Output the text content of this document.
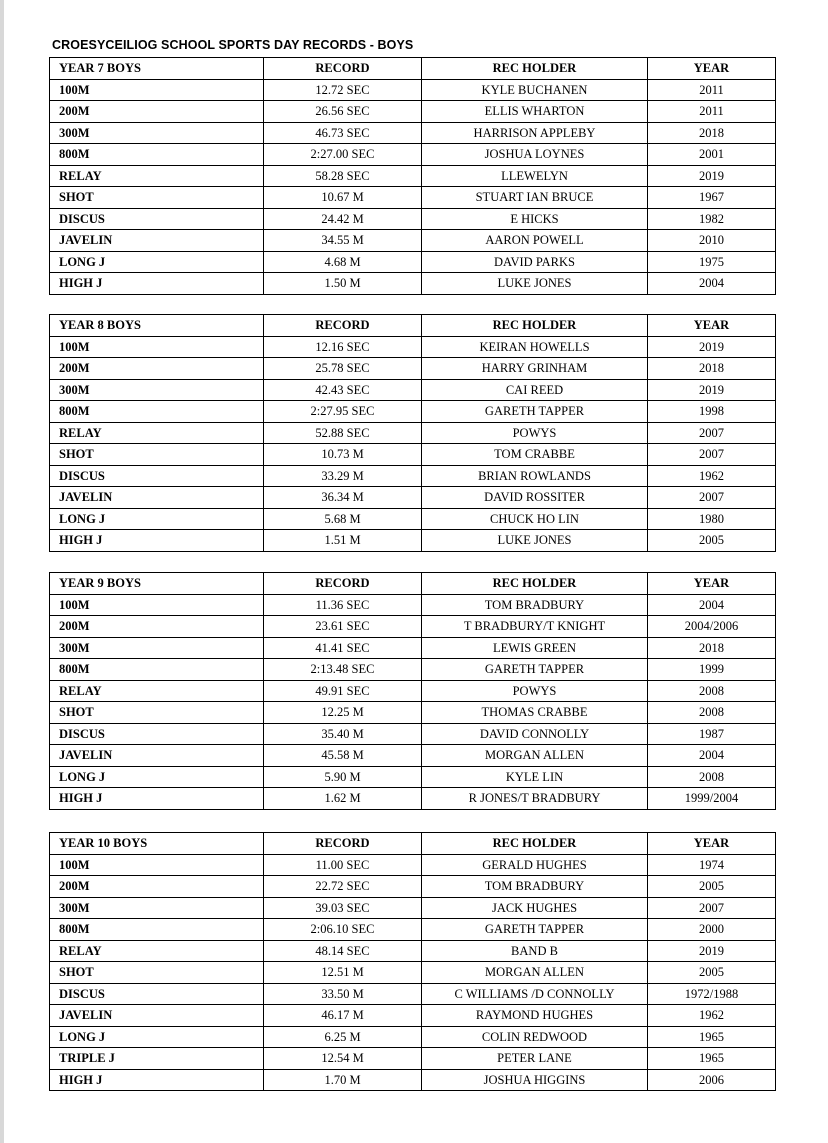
CROESYCEILIOG SCHOOL SPORTS DAY RECORDS - BOYS
YEAR 7 BOYS	RECORD	REC HOLDER	YEAR
100M	12.72 SEC	KYLE BUCHANEN	2011
200M	26.56 SEC	ELLIS WHARTON	2011
300M	46.73 SEC	HARRISON APPLEBY	2018
800M	2:27.00 SEC	JOSHUA LOYNES	2001
RELAY	58.28 SEC	LLEWELYN	2019
SHOT	10.67 M	STUART IAN BRUCE	1967
DISCUS	24.42 M	E HICKS	1982
JAVELIN	34.55 M	AARON POWELL	2010
LONG J	4.68 M	DAVID PARKS	1975
HIGH J	1.50 M	LUKE JONES	2004
YEAR 8 BOYS	RECORD	REC HOLDER	YEAR
100M	12.16 SEC	KEIRAN HOWELLS	2019
200M	25.78 SEC	HARRY GRINHAM	2018
300M	42.43 SEC	CAI REED	2019
800M	2:27.95 SEC	GARETH TAPPER	1998
RELAY	52.88 SEC	POWYS	2007
SHOT	10.73 M	TOM CRABBE	2007
DISCUS	33.29 M	BRIAN ROWLANDS	1962
JAVELIN	36.34 M	DAVID ROSSITER	2007
LONG J	5.68 M	CHUCK HO LIN	1980
HIGH J	1.51 M	LUKE JONES	2005
YEAR 9 BOYS	RECORD	REC HOLDER	YEAR
100M	11.36 SEC	TOM BRADBURY	2004
200M	23.61 SEC	T BRADBURY/T KNIGHT	2004/2006
300M	41.41 SEC	LEWIS GREEN	2018
800M	2:13.48 SEC	GARETH TAPPER	1999
RELAY	49.91 SEC	POWYS	2008
SHOT	12.25 M	THOMAS CRABBE	2008
DISCUS	35.40 M	DAVID CONNOLLY	1987
JAVELIN	45.58 M	MORGAN ALLEN	2004
LONG J	5.90 M	KYLE LIN	2008
HIGH J	1.62 M	R JONES/T BRADBURY	1999/2004
YEAR 10 BOYS	RECORD	REC HOLDER	YEAR
100M	11.00 SEC	GERALD HUGHES	1974
200M	22.72 SEC	TOM BRADBURY	2005
300M	39.03 SEC	JACK HUGHES	2007
800M	2:06.10 SEC	GARETH TAPPER	2000
RELAY	48.14 SEC	BAND B	2019
SHOT	12.51 M	MORGAN ALLEN	2005
DISCUS	33.50 M	C WILLIAMS /D CONNOLLY	1972/1988
JAVELIN	46.17 M	RAYMOND HUGHES	1962
LONG J	6.25 M	COLIN REDWOOD	1965
TRIPLE J	12.54 M	PETER LANE	1965
HIGH J	1.70 M	JOSHUA HIGGINS	2006
